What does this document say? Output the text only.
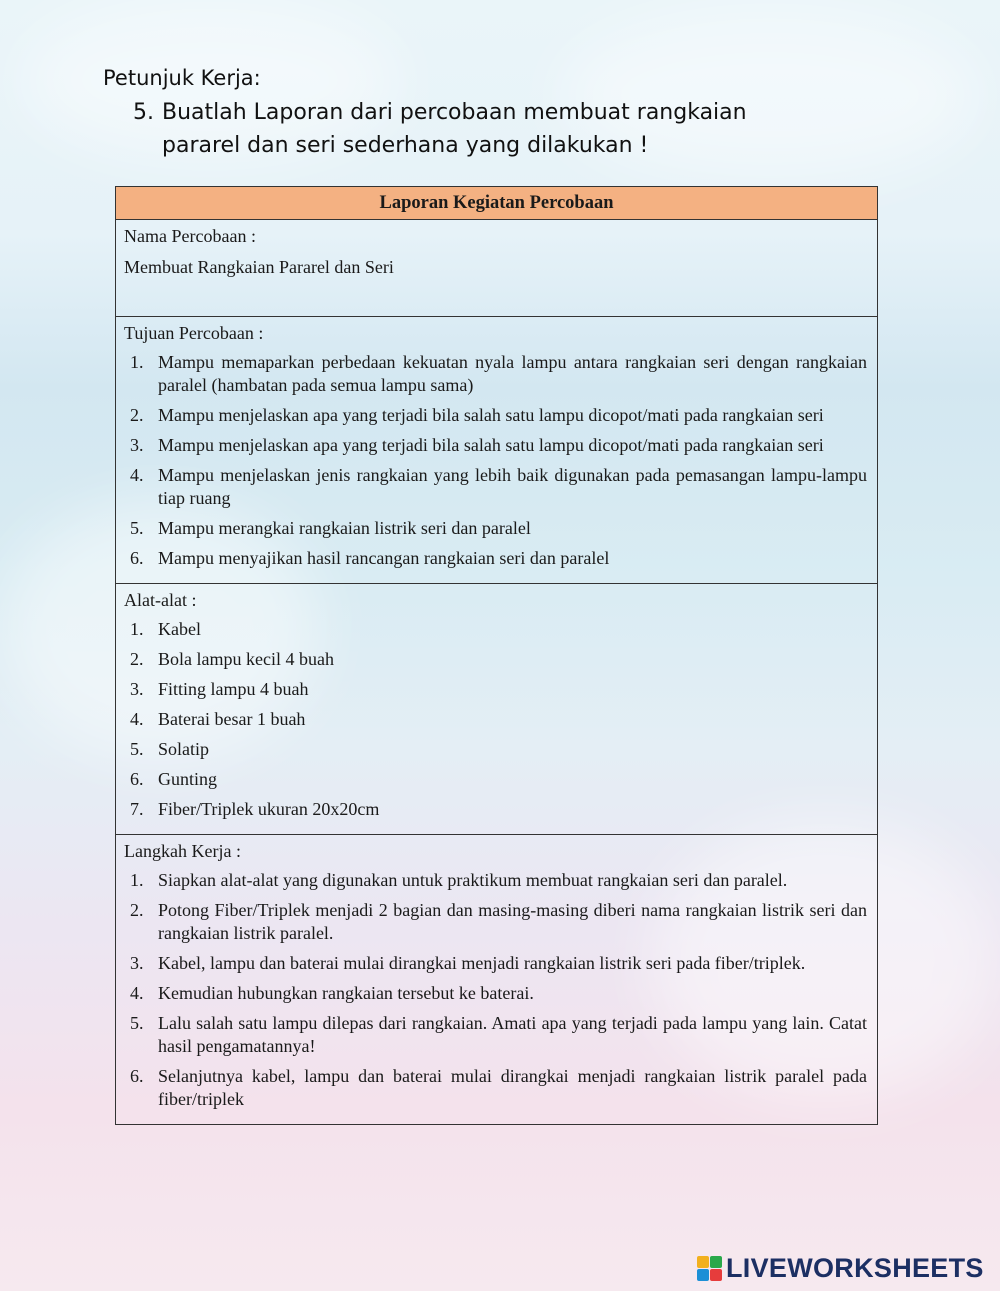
Petunjuk Kerja:

5. Buatlah Laporan dari percobaan membuat rangkaian pararel dan seri sederhana yang dilakukan !
Laporan Kegiatan Percobaan

Nama Percobaan :

Membuat Rangkaian Pararel dan Seri

Tujuan Percobaan :

1. Mampu memaparkan perbedaan kekuatan nyala lampu antara rangkaian seri dengan rangkaian paralel (hambatan pada semua lampu sama)
2. Mampu menjelaskan apa yang terjadi bila salah satu lampu dicopot/mati pada rangkaian seri
3. Mampu menjelaskan apa yang terjadi bila salah satu lampu dicopot/mati pada rangkaian seri
4. Mampu menjelaskan jenis rangkaian yang lebih baik digunakan pada pemasangan lampu-lampu tiap ruang
5. Mampu merangkai rangkaian listrik seri dan paralel
6. Mampu menyajikan hasil rancangan rangkaian seri dan paralel

Alat-alat :

1. Kabel
2. Bola lampu kecil 4 buah
3. Fitting lampu 4 buah
4. Baterai besar 1 buah
5. Solatip
6. Gunting
7. Fiber/Triplek ukuran 20x20cm

Langkah Kerja :

1. Siapkan alat-alat yang digunakan untuk praktikum membuat rangkaian seri dan paralel.
2. Potong Fiber/Triplek menjadi 2 bagian dan masing-masing diberi nama rangkaian listrik seri dan rangkaian listrik paralel.
3. Kabel, lampu dan baterai mulai dirangkai menjadi rangkaian listrik seri pada fiber/triplek.
4. Kemudian hubungkan rangkaian tersebut ke baterai.
5. Lalu salah satu lampu dilepas dari rangkaian. Amati apa yang terjadi pada lampu yang lain. Catat hasil pengamatannya!
6. Selanjutnya kabel, lampu dan baterai mulai dirangkai menjadi rangkaian listrik paralel pada fiber/triplek
LIVEWORKSHEETS
